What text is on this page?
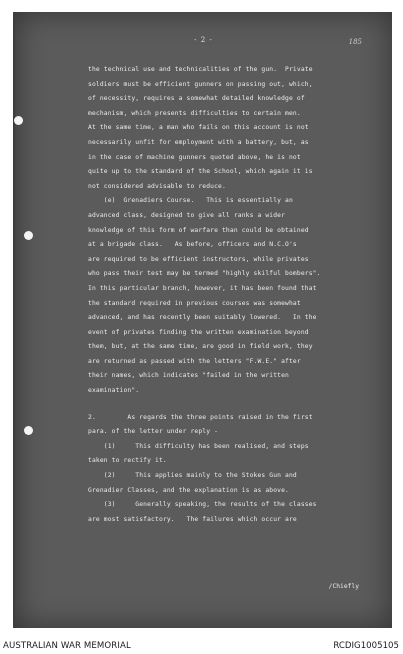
- 2 -	185
the technical use and technicalities of the gun.  Private
soldiers must be efficient gunners on passing out, which,
of necessity, requires a somewhat detailed knowledge of
mechanism, which presents difficulties to certain men.
At the same time, a man who fails on this account is not
necessarily unfit for employment with a battery, but, as
in the case of machine gunners quoted above, he is not
quite up to the standard of the School, which again it is
not considered advisable to reduce.
(e)  Grenadiers Course.   This is essentially an
advanced class, designed to give all ranks a wider
knowledge of this form of warfare than could be obtained
at a brigade class.   As before, officers and N.C.O's
are required to be efficient instructors, while privates
who pass their test may be termed "highly skilful bombers".
In this particular branch, however, it has been found that
the standard required in previous courses was somewhat
advanced, and has recently been suitably lowered.   In the
event of privates finding the written examination beyond
them, but, at the same time, are good in field work, they
are returned as passed with the letters "F.W.E." after
their names, which indicates "failed in the written
examination".
2.        As regards the three points raised in the first
para. of the letter under reply -
(1)     This difficulty has been realised, and steps
taken to rectify it.
(2)     This applies mainly to the Stokes Gun and
Grenadier Classes, and the explanation is as above.
(3)     Generally speaking, the results of the classes
are most satisfactory.   The failures which occur are
/Chiefly
AUSTRALIAN WAR MEMORIAL	RCDIG1005105
